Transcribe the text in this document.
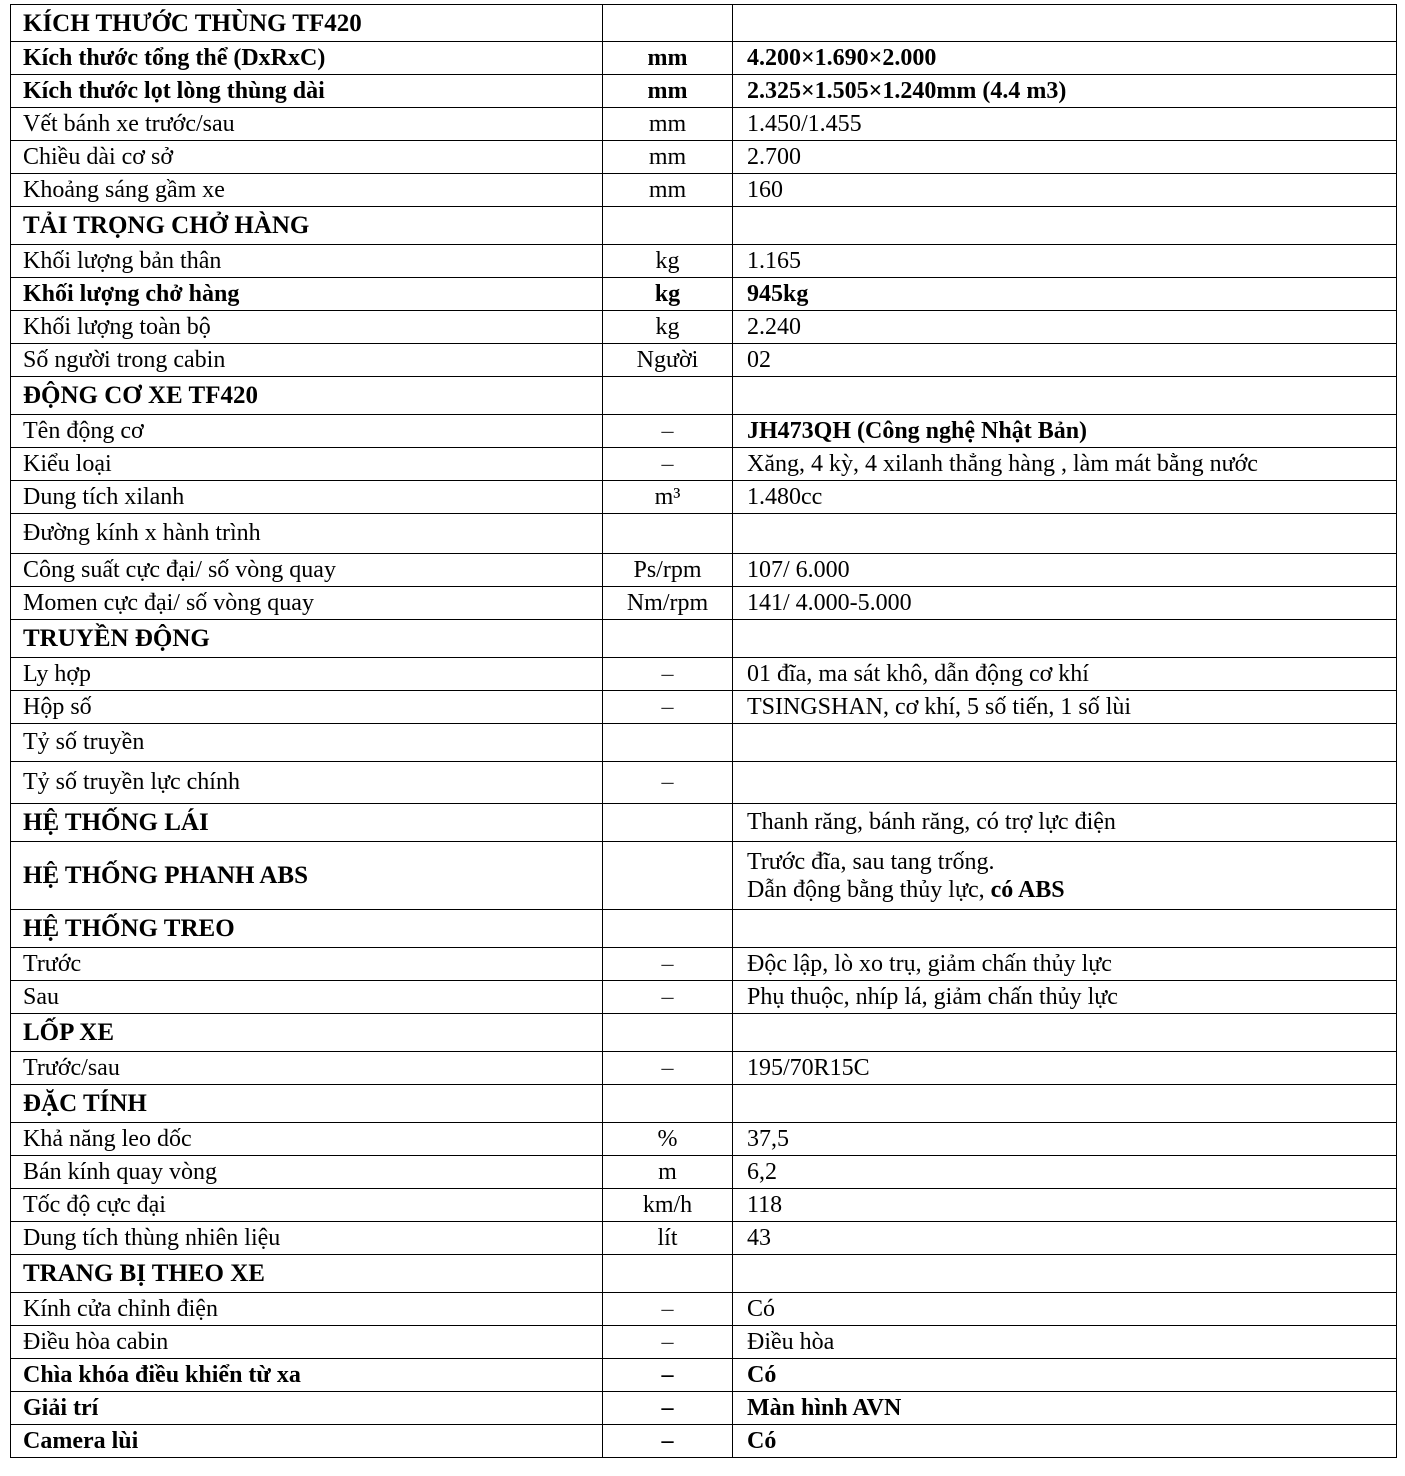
KÍCH THƯỚC THÙNG TF420		
Kích thước tổng thể (DxRxC)	mm	4.200×1.690×2.000
Kích thước lọt lòng thùng dài	mm	2.325×1.505×1.240mm (4.4 m3)
Vết bánh xe trước/sau	mm	1.450/1.455
Chiều dài cơ sở	mm	2.700
Khoảng sáng gầm xe	mm	160
TẢI TRỌNG CHỞ HÀNG		
Khối lượng bản thân	kg	1.165
Khối lượng chở hàng	kg	945kg
Khối lượng toàn bộ	kg	2.240
Số người trong cabin	Người	02
ĐỘNG CƠ XE TF420		
Tên động cơ	–	JH473QH (Công nghệ Nhật Bản)
Kiểu loại	–	Xăng, 4 kỳ, 4 xilanh thẳng hàng , làm mát bằng nước
Dung tích xilanh	m³	1.480cc
Đường kính x hành trình		
Công suất cực đại/ số vòng quay	Ps/rpm	107/ 6.000
Momen cực đại/ số vòng quay	Nm/rpm	141/ 4.000-5.000
TRUYỀN ĐỘNG		
Ly hợp	–	01 đĩa, ma sát khô, dẫn động cơ khí
Hộp số	–	TSINGSHAN, cơ khí, 5 số tiến, 1 số lùi
Tỷ số truyền		
Tỷ số truyền lực chính	–	
HỆ THỐNG LÁI		Thanh răng, bánh răng, có trợ lực điện
HỆ THỐNG PHANH ABS		Trước đĩa, sau tang trống.
Dẫn động bằng thủy lực, có ABS

HỆ THỐNG TREO		
Trước	–	Độc lập, lò xo trụ, giảm chấn thủy lực
Sau	–	Phụ thuộc, nhíp lá, giảm chấn thủy lực
LỐP XE		
Trước/sau	–	195/70R15C
ĐẶC TÍNH		
Khả năng leo dốc	%	37,5
Bán kính quay vòng	m	6,2
Tốc độ cực đại	km/h	118
Dung tích thùng nhiên liệu	lít	43
TRANG BỊ THEO XE		
Kính cửa chỉnh điện	–	Có
Điều hòa cabin	–	Điều hòa
Chìa khóa điều khiển từ xa	–	Có
Giải trí	–	Màn hình AVN
Camera lùi	–	Có
